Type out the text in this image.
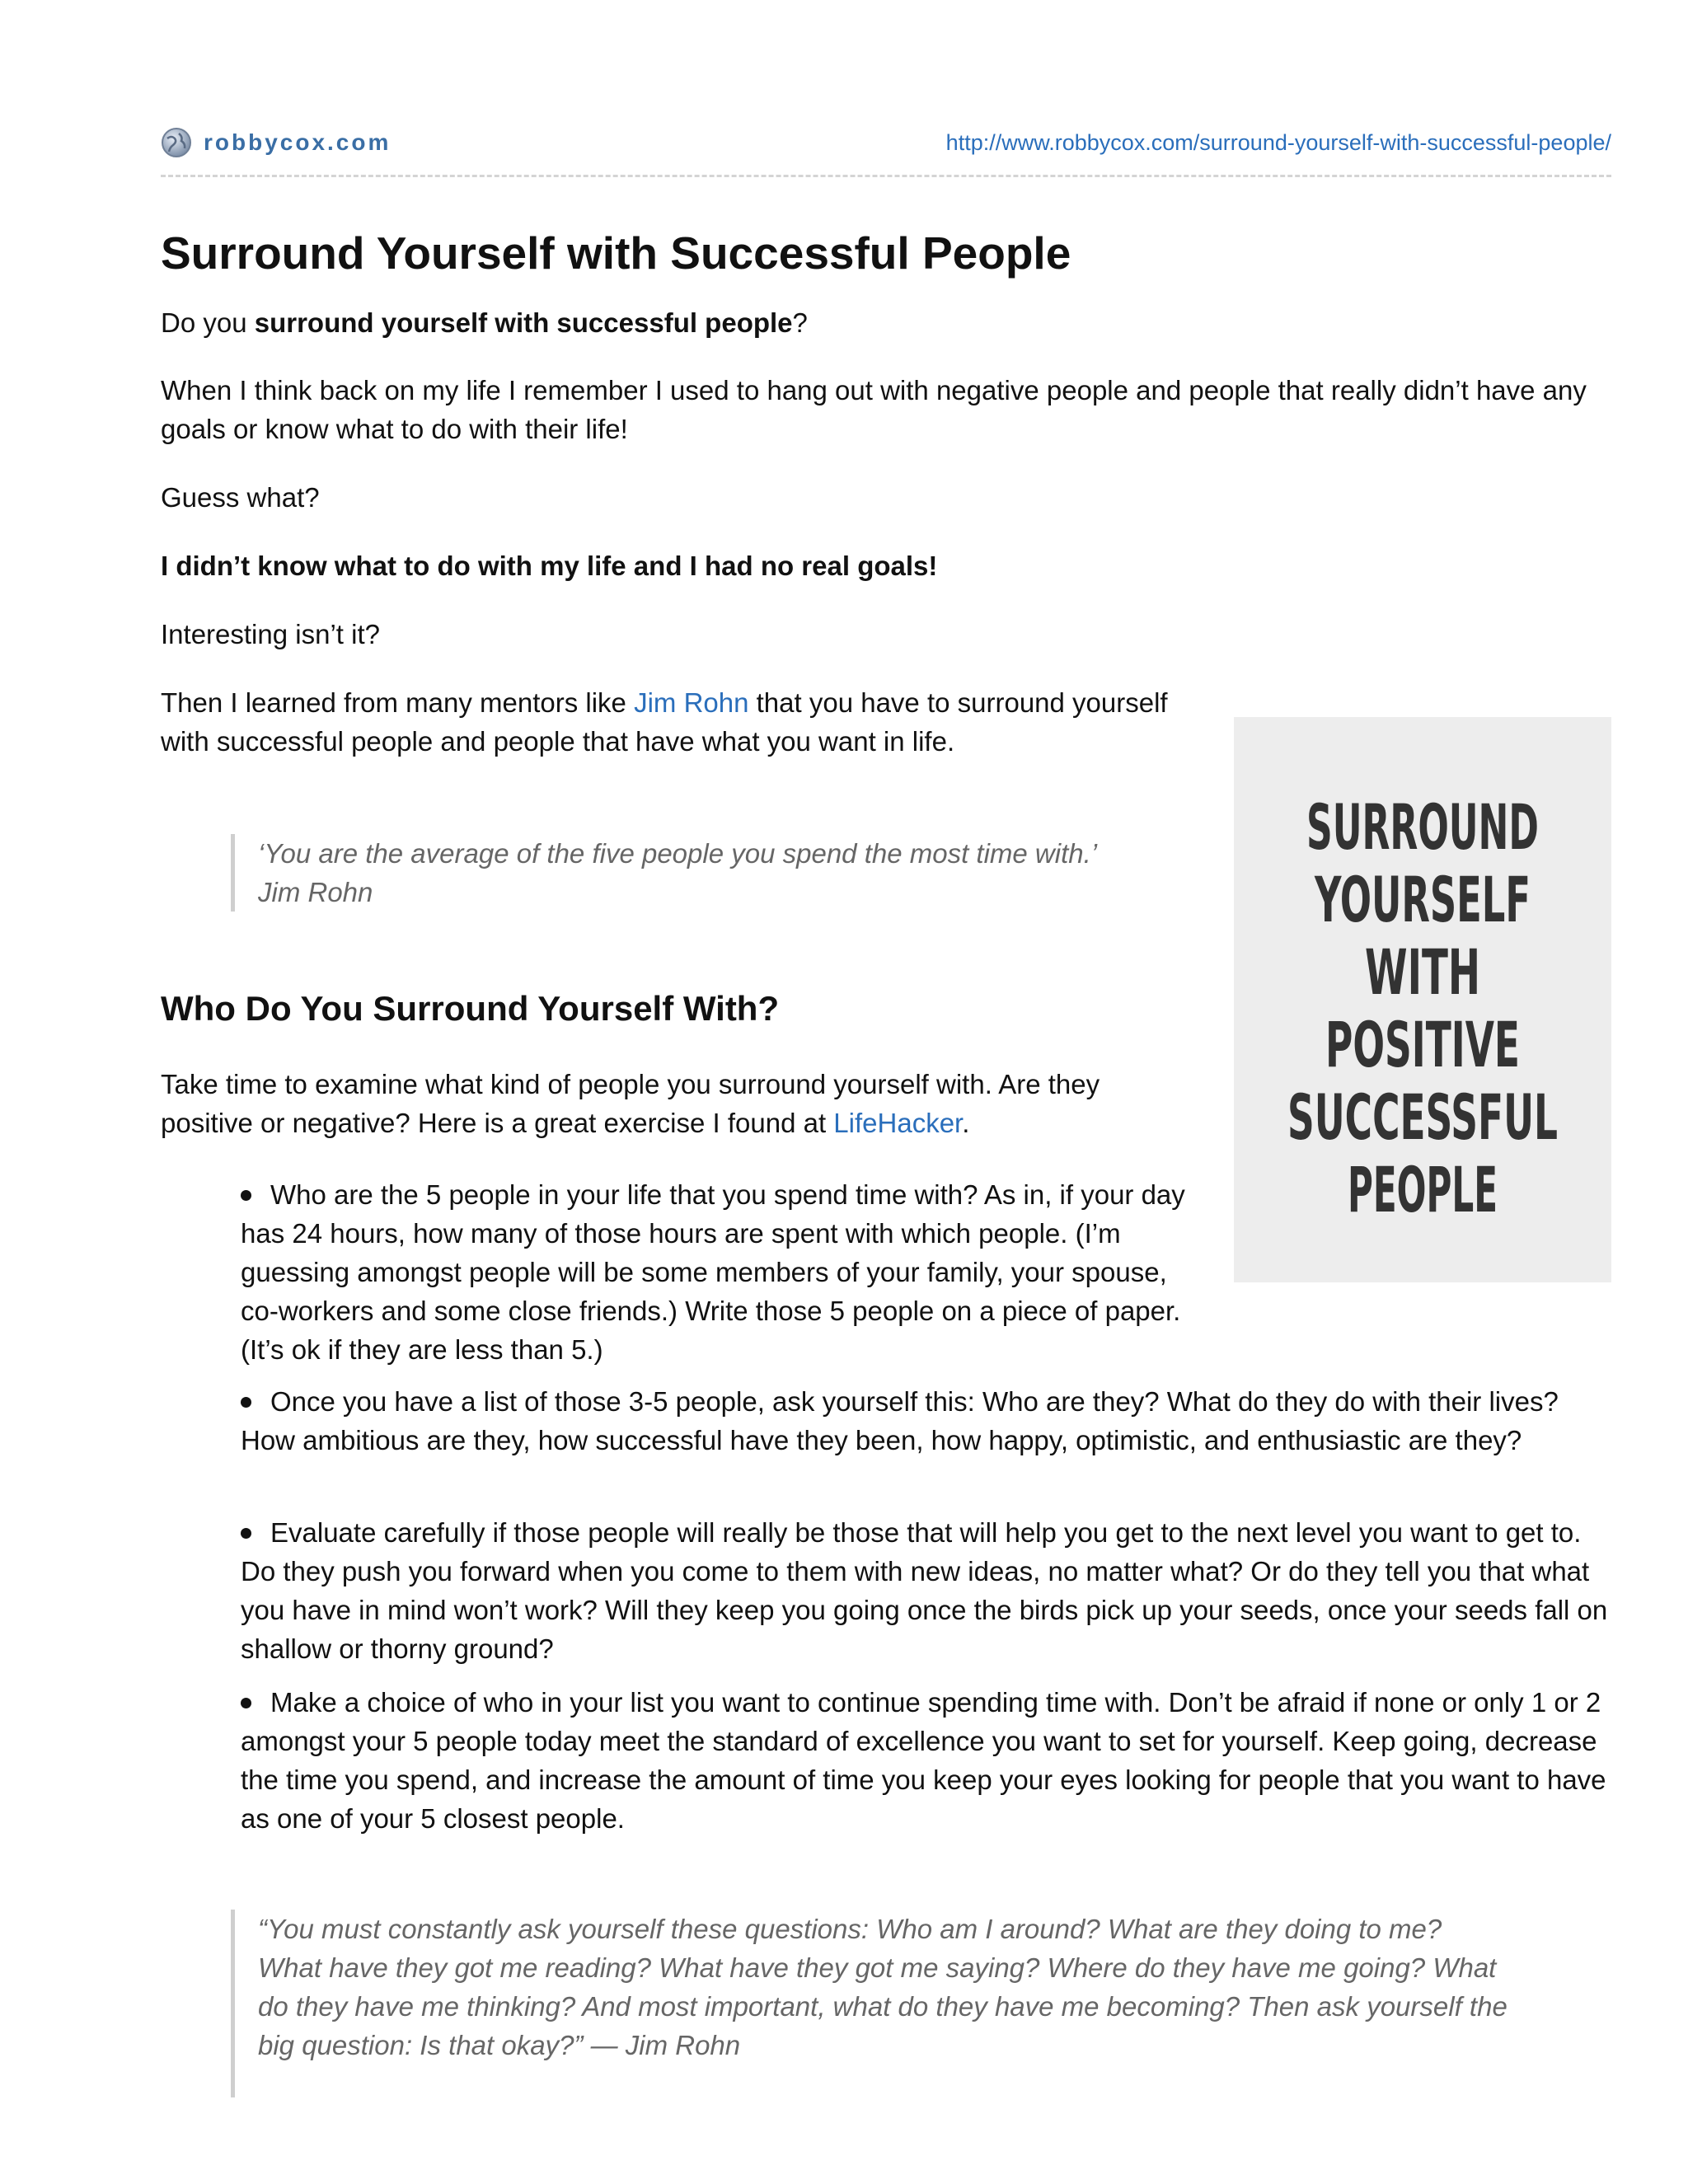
robbycox.com	http://www.robbycox.com/surround-yourself-with-successful-people/
Surround Yourself with Successful People

Do you surround yourself with successful people?

When I think back on my life I remember I used to hang out with negative people and people that really didn’t have any goals or know what to do with their life!

Guess what?

I didn’t know what to do with my life and I had no real goals!

Interesting isn’t it?

Then I learned from many mentors like Jim Rohn that you have to surround yourself with successful people and people that have what you want in life.

‘You are the average of the five people you spend the most time with.’
Jim Rohn
Who Do You Surround Yourself With?

Take time to examine what kind of people you surround yourself with. Are they positive or negative? Here is a great exercise I found at LifeHacker.

SURROUND
YOURSELF
WITH
POSITIVE
SUCCESSFUL
PEOPLE
Who are the 5 people in your life that you spend time with? As in, if your day has 24 hours, how many of those hours are spent with which people. (I’m guessing amongst people will be some members of your family, your spouse, co-workers and some close friends.) Write those 5 people on a piece of paper. (It’s ok if they are less than 5.)
Once you have a list of those 3-5 people, ask yourself this: Who are they? What do they do with their lives? How ambitious are they, how successful have they been, how happy, optimistic, and enthusiastic are they?
Evaluate carefully if those people will really be those that will help you get to the next level you want to get to. Do they push you forward when you come to them with new ideas, no matter what? Or do they tell you that what you have in mind won’t work? Will they keep you going once the birds pick up your seeds, once your seeds fall on shallow or thorny ground?
Make a choice of who in your list you want to continue spending time with. Don’t be afraid if none or only 1 or 2 amongst your 5 people today meet the standard of excellence you want to set for yourself. Keep going, decrease the time you spend, and increase the amount of time you keep your eyes looking for people that you want to have as one of your 5 closest people.
“You must constantly ask yourself these questions: Who am I around? What are they doing to me? What have they got me reading? What have they got me saying? Where do they have me going? What do they have me thinking? And most important, what do they have me becoming? Then ask yourself the big question: Is that okay?” — Jim Rohn
